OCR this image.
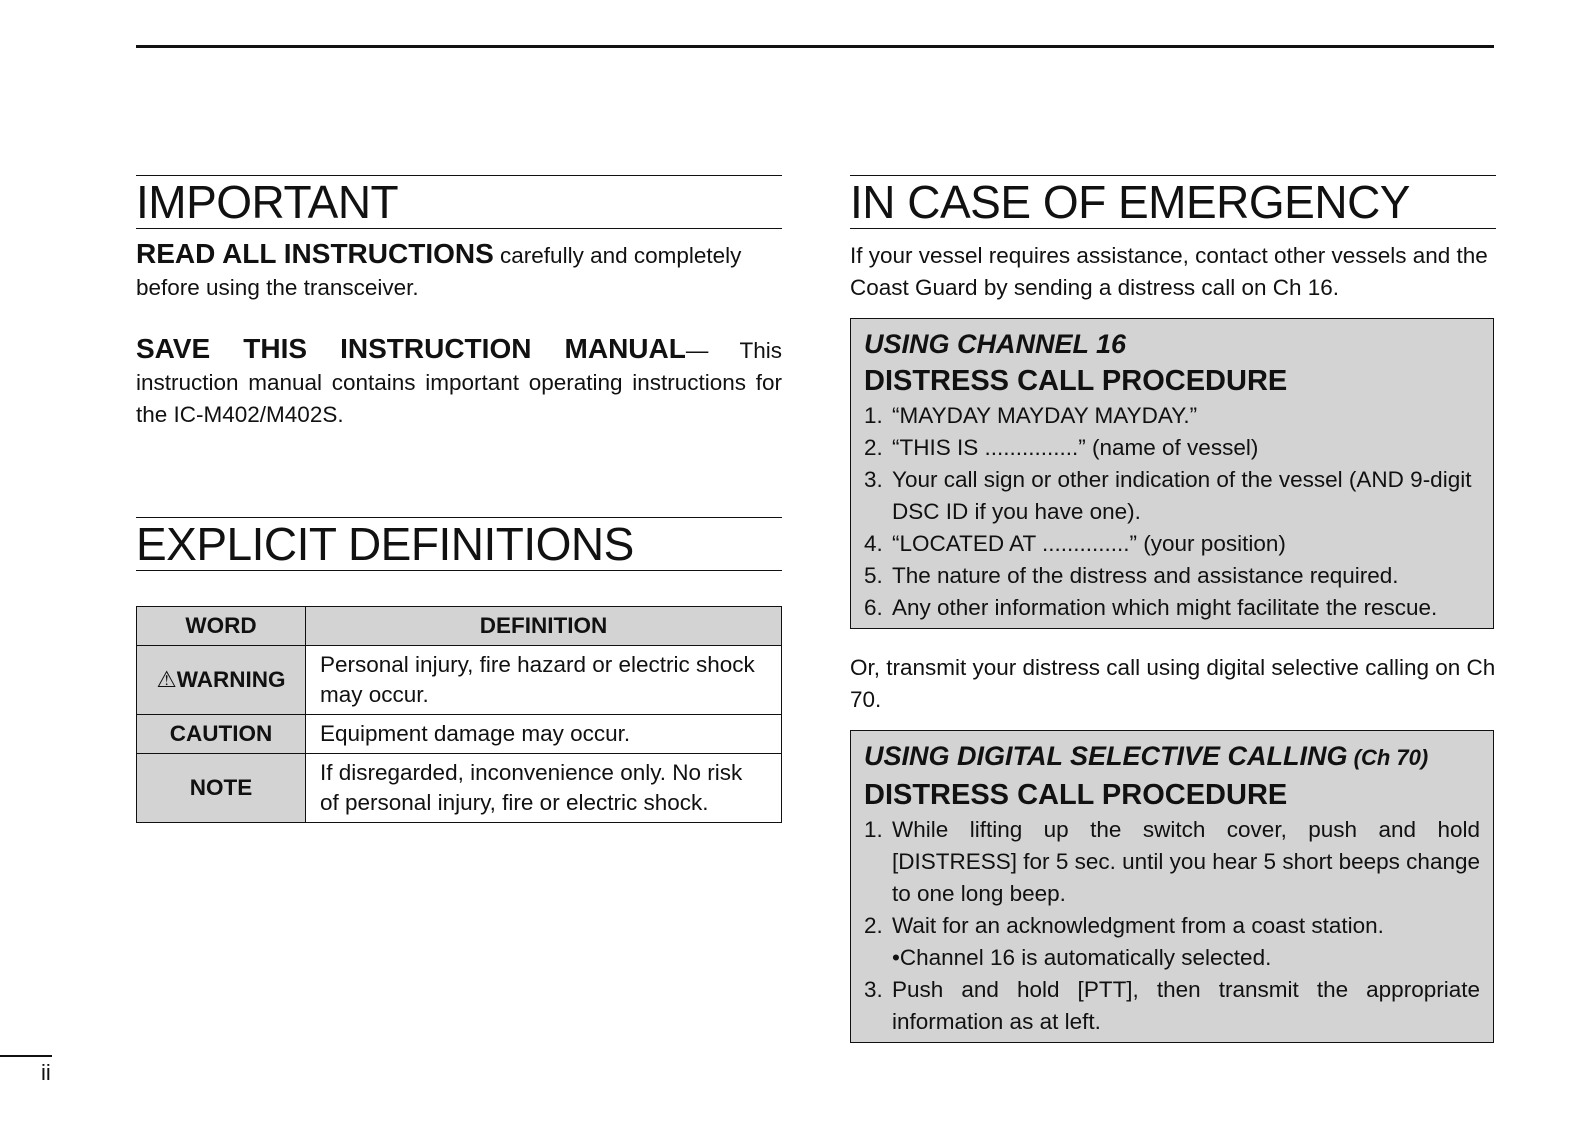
IMPORTANT
READ ALL INSTRUCTIONS carefully and completely before using the transceiver.
SAVE THIS INSTRUCTION MANUAL— This instruction manual contains important operating instructions for the IC-M402/M402S.
EXPLICIT DEFINITIONS
WORD	DEFINITION
⚠WARNING	Personal injury, fire hazard or electric shock may occur.
CAUTION	Equipment damage may occur.
NOTE	If disregarded, inconvenience only. No risk of personal injury, fire or electric shock.
IN CASE OF EMERGENCY
If your vessel requires assistance, contact other vessels and the Coast Guard by sending a distress call on Ch 16.
USING CHANNEL 16
DISTRESS CALL PROCEDURE
1. “MAYDAY MAYDAY MAYDAY.”
2. “THIS IS ...............” (name of vessel)
3. Your call sign or other indication of the vessel (AND 9-digit DSC ID if you have one).
4. “LOCATED AT ..............” (your position)
5. The nature of the distress and assistance required.
6. Any other information which might facilitate the rescue.
Or, transmit your distress call using digital selective calling on Ch 70.
USING DIGITAL SELECTIVE CALLING (Ch 70)
DISTRESS CALL PROCEDURE
1. While lifting up the switch cover, push and hold [DISTRESS] for 5 sec. until you hear 5 short beeps change to one long beep.
2. Wait for an acknowledgment from a coast station.
•Channel 16 is automatically selected.
3. Push and hold [PTT], then transmit the appropriate information as at left.
ii
